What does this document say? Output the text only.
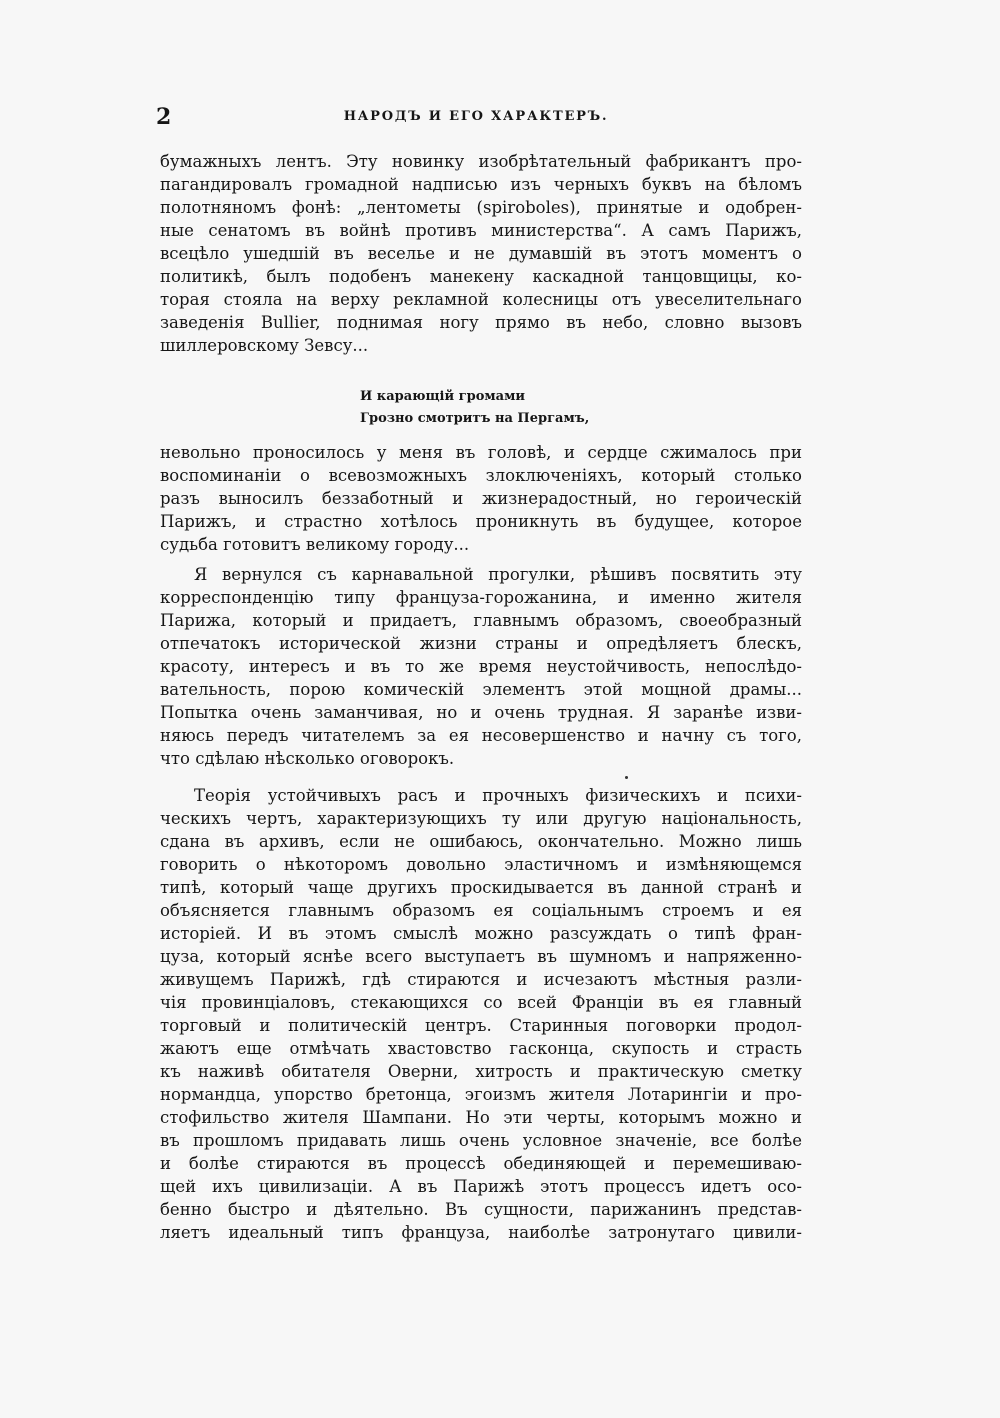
2	НАРОДЪ И ЕГО ХАРАКТЕРЪ.
бумажныхъ лентъ. Эту новинку изобрѣтательный фабрикантъ про-
пагандировалъ громадной надписью изъ черныхъ буквъ на бѣломъ
полотняномъ фонѣ: „лентометы (spiroboles), принятые и одобрен-
ные сенатомъ въ войнѣ противъ министерства“. А самъ Парижъ,
всецѣло ушедшій въ веселье и не думавшій въ этотъ моментъ о
политикѣ, былъ подобенъ манекену каскадной танцовщицы, ко-
торая стояла на верху рекламной колесницы отъ увеселительнаго
заведенія Bullier, поднимая ногу прямо въ небо, словно вызовъ
шиллеровскому Зевсу...
И карающій громами
Грозно смотритъ на Пергамъ,
невольно проносилось у меня въ головѣ, и сердце сжималось при
воспоминаніи о всевозможныхъ злоключеніяхъ, который столько
разъ выносилъ беззаботный и жизнерадостный, но героическій
Парижъ, и страстно хотѣлось проникнуть въ будущее, которое
судьба готовитъ великому городу...
Я вернулся съ карнавальной прогулки, рѣшивъ посвятить эту
корреспонденцію типу француза-горожанина, и именно жителя
Парижа, который и придаетъ, главнымъ образомъ, своеобразный
отпечатокъ исторической жизни страны и опредѣляетъ блескъ,
красоту, интересъ и въ то же время неустойчивость, непослѣдо-
вательность, порою комическій элементъ этой мощной драмы...
Попытка очень заманчивая, но и очень трудная. Я заранѣе изви-
няюсь передъ читателемъ за ея несовершенство и начну съ того,
что сдѣлаю нѣсколько оговорокъ.
Теорія устойчивыхъ расъ и прочныхъ физическихъ и психи-
ческихъ чертъ, характеризующихъ ту или другую національность,
сдана въ архивъ, если не ошибаюсь, окончательно. Можно лишь
говорить о нѣкоторомъ довольно эластичномъ и измѣняющемся
типѣ, который чаще другихъ проскидывается въ данной странѣ и
объясняется главнымъ образомъ ея соціальнымъ строемъ и ея
исторіей. И въ этомъ смыслѣ можно разсуждать о типѣ фран-
цуза, который яснѣе всего выступаетъ въ шумномъ и напряженно-
живущемъ Парижѣ, гдѣ стираются и исчезаютъ мѣстныя разли-
чія провинціаловъ, стекающихся со всей Франціи въ ея главный
торговый и политическій центръ. Старинныя поговорки продол-
жаютъ еще отмѣчать хвастовство гасконца, скупость и страсть
къ наживѣ обитателя Оверни, хитрость и практическую сметку
нормандца, упорство бретонца, эгоизмъ жителя Лотарингіи и про-
стофильство жителя Шампани. Но эти черты, которымъ можно и
въ прошломъ придавать лишь очень условное значеніе, все болѣе
и болѣе стираются въ процессѣ обединяющей и перемешиваю-
щей ихъ цивилизаціи. А въ Парижѣ этотъ процессъ идетъ осо-
бенно быстро и дѣятельно. Въ сущности, парижанинъ представ-
ляетъ идеальный типъ француза, наиболѣе затронутаго цивили-
